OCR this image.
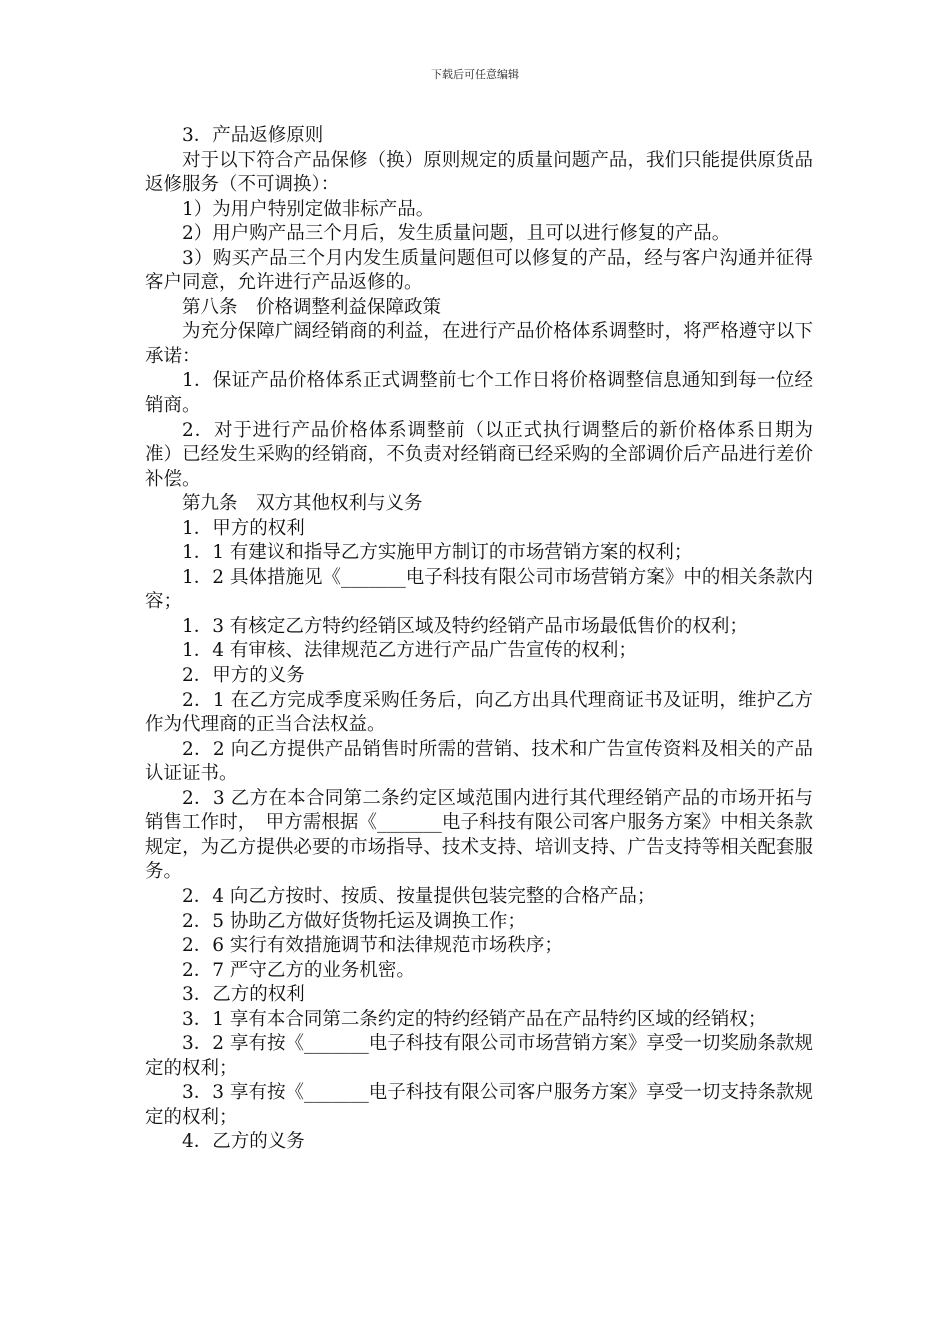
下载后可任意编辑

3．产品返修原则

对于以下符合产品保修（换）原则规定的质量问题产品，我们只能提供原货品返修服务（不可调换）：

1）为用户特别定做非标产品。

2）用户购产品三个月后，发生质量问题，且可以进行修复的产品。

3）购买产品三个月内发生质量问题但可以修复的产品，经与客户沟通并征得客户同意，允许进行产品返修的。

第八条　价格调整利益保障政策

为充分保障广阔经销商的利益，在进行产品价格体系调整时，将严格遵守以下承诺：

1．保证产品价格体系正式调整前七个工作日将价格调整信息通知到每一位经销商。

2．对于进行产品价格体系调整前（以正式执行调整后的新价格体系日期为准）已经发生采购的经销商，不负责对经销商已经采购的全部调价后产品进行差价补偿。

第九条　双方其他权利与义务

1．甲方的权利

1．1 有建议和指导乙方实施甲方制订的市场营销方案的权利；

1．2 具体措施见《_______电子科技有限公司市场营销方案》中的相关条款内容；

1．3 有核定乙方特约经销区域及特约经销产品市场最低售价的权利；

1．4 有审核、法律规范乙方进行产品广告宣传的权利；

2．甲方的义务

2．1 在乙方完成季度采购任务后，向乙方出具代理商证书及证明，维护乙方作为代理商的正当合法权益。

2．2 向乙方提供产品销售时所需的营销、技术和广告宣传资料及相关的产品认证证书。

2．3 乙方在本合同第二条约定区域范围内进行其代理经销产品的市场开拓与销售工作时，　甲方需根据《_______电子科技有限公司客户服务方案》中相关条款规定，为乙方提供必要的市场指导、技术支持、培训支持、广告支持等相关配套服务。

2．4 向乙方按时、按质、按量提供包装完整的合格产品；

2．5 协助乙方做好货物托运及调换工作；

2．6 实行有效措施调节和法律规范市场秩序；

2．7 严守乙方的业务机密。

3．乙方的权利

3．1 享有本合同第二条约定的特约经销产品在产品特约区域的经销权；

3．2 享有按《_______电子科技有限公司市场营销方案》享受一切奖励条款规定的权利；

3．3 享有按《_______电子科技有限公司客户服务方案》享受一切支持条款规定的权利；

4．乙方的义务
